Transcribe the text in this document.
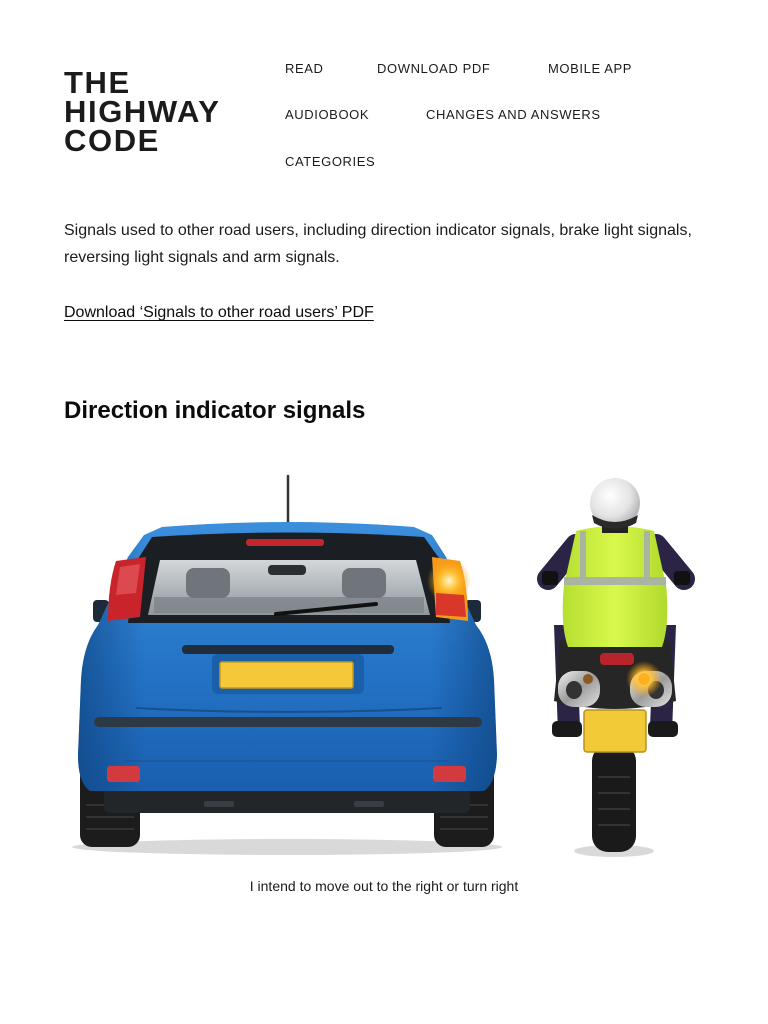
THE
HIGHWAY
CODE
READ	DOWNLOAD PDF	MOBILE APP
AUDIOBOOK	CHANGES AND ANSWERS
CATEGORIES

Signals used to other road users, including direction indicator signals, brake light signals, reversing light signals and arm signals.

Download ‘Signals to other road users’ PDF
Direction indicator signals
I intend to move out to the right or turn right
